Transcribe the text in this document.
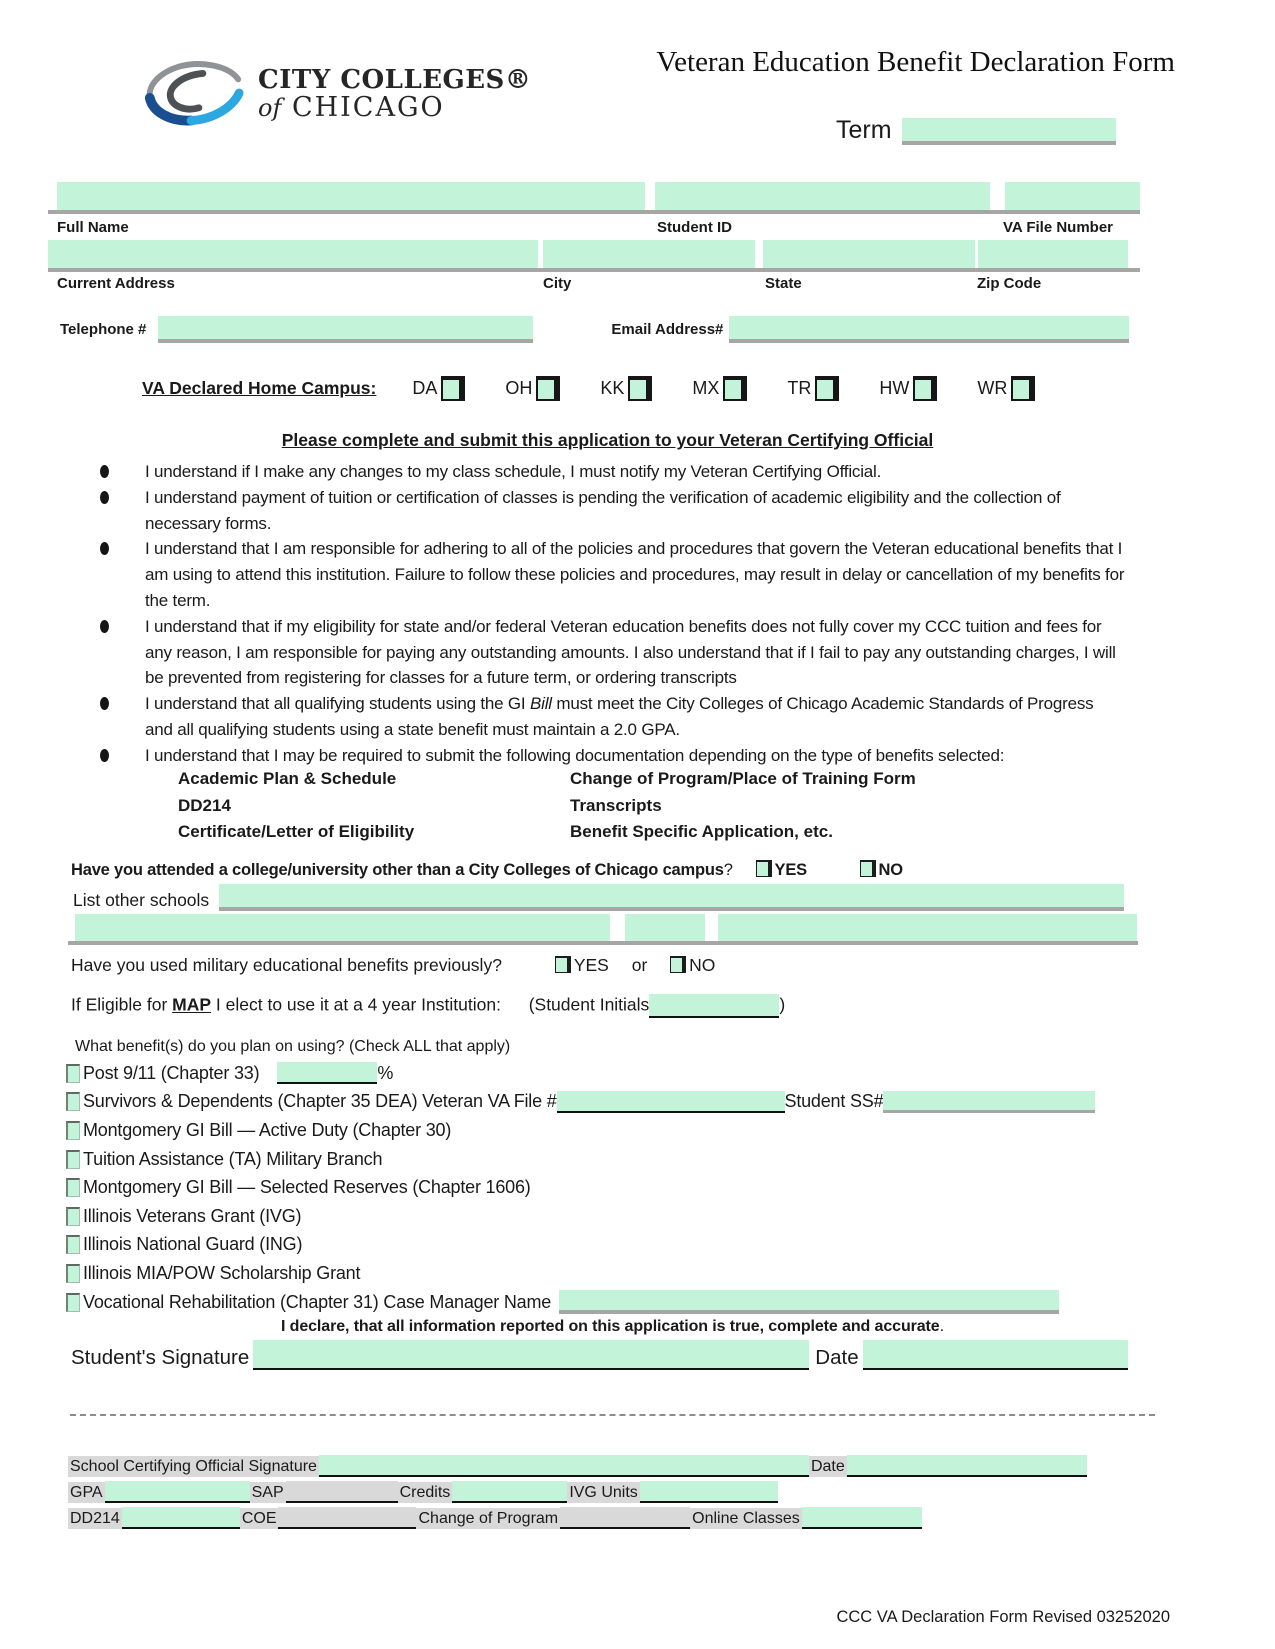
CITY COLLEGES®
of CHICAGO
Veteran Education Benefit Declaration Form
Term
Full Name	Student ID	VA File Number
Current Address	City	State	Zip Code
Telephone #	Email Address#
VA Declared Home Campus: DA	OH	KK	MX	TR	HW	WR
Please complete and submit this application to your Veteran Certifying Official
I understand if I make any changes to my class schedule, I must notify my Veteran Certifying Official.
I understand payment of tuition or certification of classes is pending the verification of academic eligibility and the collection of necessary forms.
I understand that I am responsible for adhering to all of the policies and procedures that govern the Veteran educational benefits that I am using to attend this institution. Failure to follow these policies and procedures, may result in delay or cancellation of my benefits for the term.
I understand that if my eligibility for state and/or federal Veteran education benefits does not fully cover my CCC tuition and fees for any reason, I am responsible for paying any outstanding amounts. I also understand that if I fail to pay any outstanding charges, I will be prevented from registering for classes for a future term, or ordering transcripts
I understand that all qualifying students using the GI Bill must meet the City Colleges of Chicago Academic Standards of Progress and all qualifying students using a state benefit must maintain a 2.0 GPA.
I understand that I may be required to submit the following documentation depending on the type of benefits selected:
Academic Plan & Schedule	Change of Program/Place of Training Form
DD214	Transcripts
Certificate/Letter of Eligibility	Benefit Specific Application, etc.
Have you attended a college/university other than a City Colleges of Chicago campus?	YES	NO
List other schools
Have you used military educational benefits previously?	YES or NO
If Eligible for MAP I elect to use it at a 4 year Institution: (Student Initials	)
What benefit(s) do you plan on using? (Check ALL that apply)
Post 9/11 (Chapter 33)	%
Survivors & Dependents (Chapter 35 DEA) Veteran VA File #	Student SS#
Montgomery GI Bill — Active Duty (Chapter 30)
Tuition Assistance (TA) Military Branch
Montgomery GI Bill — Selected Reserves (Chapter 1606)
Illinois Veterans Grant (IVG)
Illinois National Guard (ING)
Illinois MIA/POW Scholarship Grant
Vocational Rehabilitation (Chapter 31) Case Manager Name
I declare, that all information reported on this application is true, complete and accurate.
Student's Signature	Date
School Certifying Official Signature	Date
GPA	SAP	Credits	IVG Units
DD214	COE	Change of Program	Online Classes
CCC VA Declaration Form Revised 03252020
